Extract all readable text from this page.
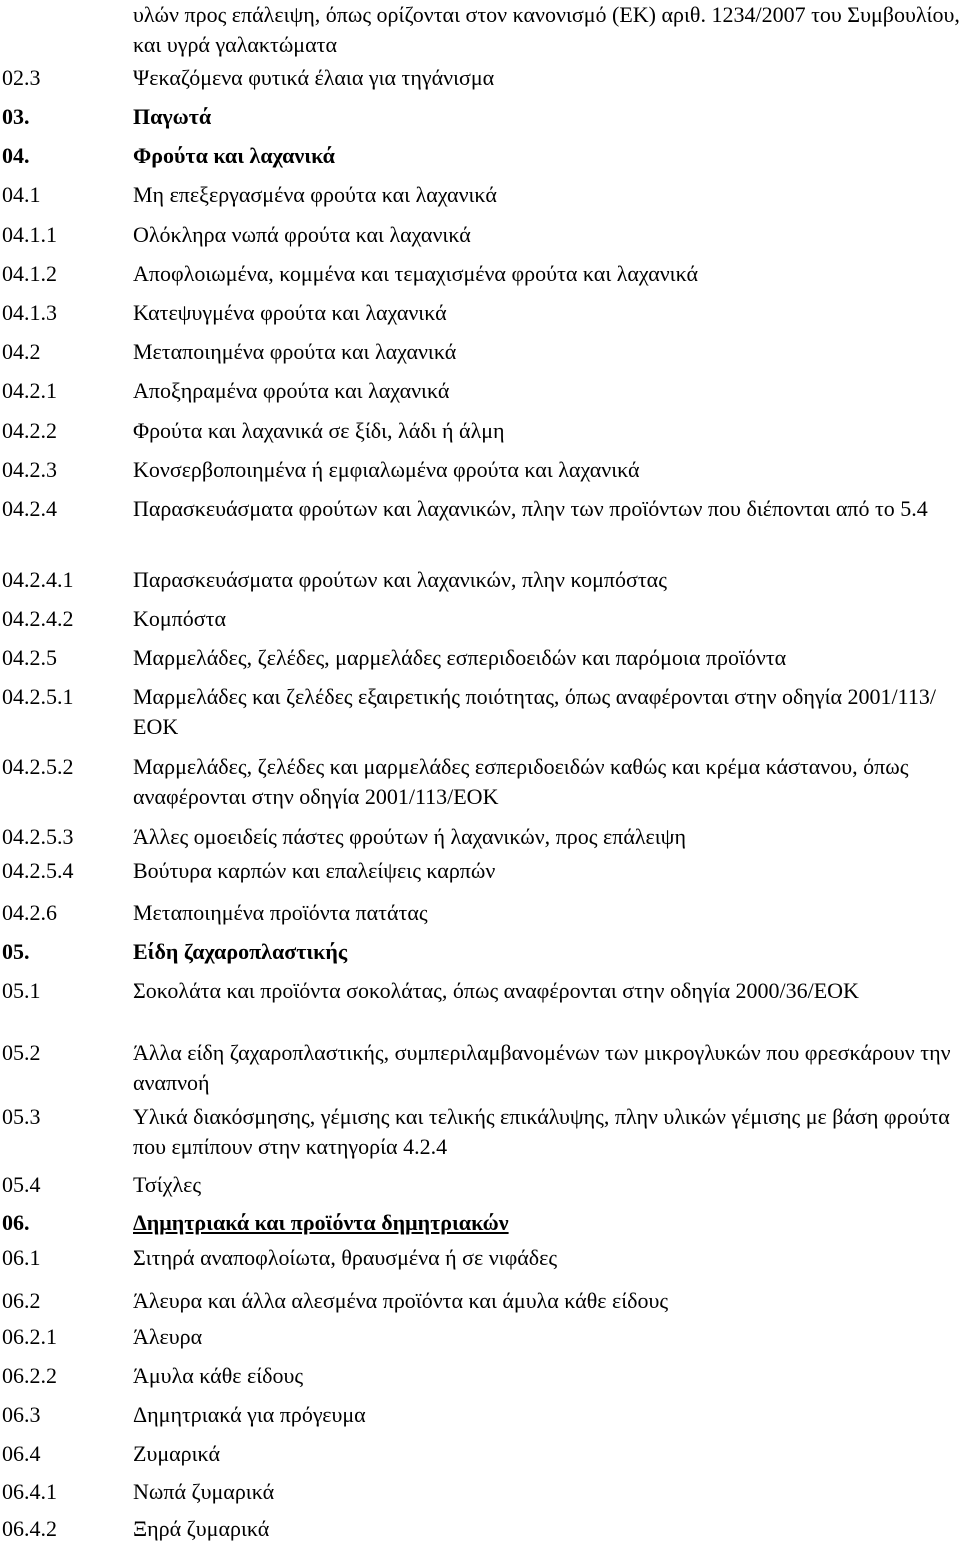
υλών προς επάλειψη, όπως ορίζονται στον κανονισμό (ΕΚ) αριθ. 1234/2007 του Συμβουλίου, και υγρά γαλακτώματα
02.3	Ψεκαζόμενα φυτικά έλαια για τηγάνισμα
03.	Παγωτά
04.	Φρούτα και λαχανικά
04.1	Μη επεξεργασμένα φρούτα και λαχανικά
04.1.1	Ολόκληρα νωπά φρούτα και λαχανικά
04.1.2	Αποφλοιωμένα, κομμένα και τεμαχισμένα φρούτα και λαχανικά
04.1.3	Κατεψυγμένα φρούτα και λαχανικά
04.2	Μεταποιημένα φρούτα και λαχανικά
04.2.1	Αποξηραμένα φρούτα και λαχανικά
04.2.2	Φρούτα και λαχανικά σε ξίδι, λάδι ή άλμη
04.2.3	Κονσερβοποιημένα ή εμφιαλωμένα φρούτα και λαχανικά
04.2.4	Παρασκευάσματα φρούτων και λαχανικών, πλην των προϊόντων που διέπονται από το 5.4
04.2.4.1	Παρασκευάσματα φρούτων και λαχανικών, πλην κομπόστας
04.2.4.2	Κομπόστα
04.2.5	Μαρμελάδες, ζελέδες, μαρμελάδες εσπεριδοειδών και παρόμοια προϊόντα
04.2.5.1	Μαρμελάδες και ζελέδες εξαιρετικής ποιότητας, όπως αναφέρονται στην οδηγία 2001/113/ΕΟΚ
04.2.5.2	Μαρμελάδες, ζελέδες και μαρμελάδες εσπεριδοειδών καθώς και κρέμα κάστανου, όπως αναφέρονται στην οδηγία 2001/113/ΕΟΚ
04.2.5.3	Άλλες ομοειδείς πάστες φρούτων ή λαχανικών, προς επάλειψη
04.2.5.4	Βούτυρα καρπών και επαλείψεις καρπών
04.2.6	Μεταποιημένα προϊόντα πατάτας
05.	Είδη ζαχαροπλαστικής
05.1	Σοκολάτα και προϊόντα σοκολάτας, όπως αναφέρονται στην οδηγία 2000/36/ΕΟΚ
05.2	Άλλα είδη ζαχαροπλαστικής, συμπεριλαμβανομένων των μικρογλυκών που φρεσκάρουν την αναπνοή
05.3	Υλικά διακόσμησης, γέμισης και τελικής επικάλυψης, πλην υλικών γέμισης με βάση φρούτα που εμπίπουν στην κατηγορία 4.2.4
05.4	Τσίχλες
06.	Δημητριακά και προϊόντα δημητριακών
06.1	Σιτηρά αναποφλοίωτα, θραυσμένα ή σε νιφάδες
06.2	Άλευρα και άλλα αλεσμένα προϊόντα και άμυλα κάθε είδους
06.2.1	Άλευρα
06.2.2	Άμυλα κάθε είδους
06.3	Δημητριακά για πρόγευμα
06.4	Ζυμαρικά
06.4.1	Νωπά ζυμαρικά
06.4.2	Ξηρά ζυμαρικά
